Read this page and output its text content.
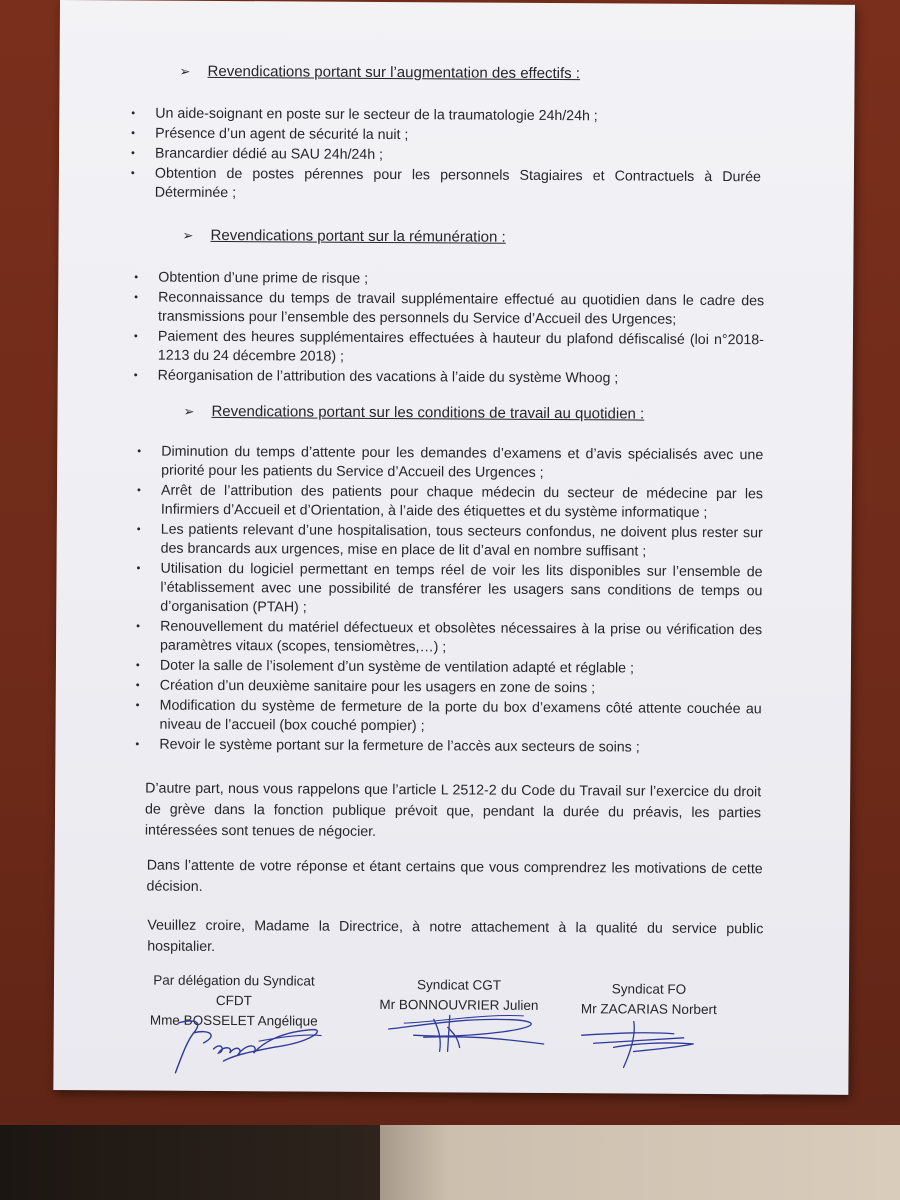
➢ Revendications portant sur l’augmentation des effectifs :
• Un aide-soignant en poste sur le secteur de la traumatologie 24h/24h ;
• Présence d’un agent de sécurité la nuit ;
• Brancardier dédié au SAU 24h/24h ;
• Obtention de postes pérennes pour les personnels Stagiaires et Contractuels à Durée Déterminée ;
➢ Revendications portant sur la rémunération :
• Obtention d’une prime de risque ;
• Reconnaissance du temps de travail supplémentaire effectué au quotidien dans le cadre des transmissions pour l’ensemble des personnels du Service d’Accueil des Urgences;
• Paiement des heures supplémentaires effectuées à hauteur du plafond défiscalisé (loi n°2018-1213 du 24 décembre 2018) ;
• Réorganisation de l’attribution des vacations à l’aide du système Whoog ;
➢ Revendications portant sur les conditions de travail au quotidien :
• Diminution du temps d’attente pour les demandes d’examens et d’avis spécialisés avec une priorité pour les patients du Service d’Accueil des Urgences ;
• Arrêt de l’attribution des patients pour chaque médecin du secteur de médecine par les Infirmiers d’Accueil et d’Orientation, à l’aide des étiquettes et du système informatique ;
• Les patients relevant d’une hospitalisation, tous secteurs confondus, ne doivent plus rester sur des brancards aux urgences, mise en place de lit d’aval en nombre suffisant ;
• Utilisation du logiciel permettant en temps réel de voir les lits disponibles sur l’ensemble de l’établissement avec une possibilité de transférer les usagers sans conditions de temps ou d’organisation (PTAH) ;
• Renouvellement du matériel défectueux et obsolètes nécessaires à la prise ou vérification des paramètres vitaux (scopes, tensiomètres,…) ;
• Doter la salle de l’isolement d’un système de ventilation adapté et réglable ;
• Création d’un deuxième sanitaire pour les usagers en zone de soins ;
• Modification du système de fermeture de la porte du box d’examens côté attente couchée au niveau de l’accueil (box couché pompier) ;
• Revoir le système portant sur la fermeture de l’accès aux secteurs de soins ;

D’autre part, nous vous rappelons que l’article L 2512-2 du Code du Travail sur l’exercice du droit de grève dans la fonction publique prévoit que, pendant la durée du préavis, les parties intéressées sont tenues de négocier.

Dans l’attente de votre réponse et étant certains que vous comprendrez les motivations de cette décision.

Veuillez croire, Madame la Directrice, à notre attachement à la qualité du service public hospitalier.

Par délégation du Syndicat CFDT
Mme BOSSELET Angélique
Syndicat CGT
Mr BONNOUVRIER Julien
Syndicat FO
Mr ZACARIAS Norbert
